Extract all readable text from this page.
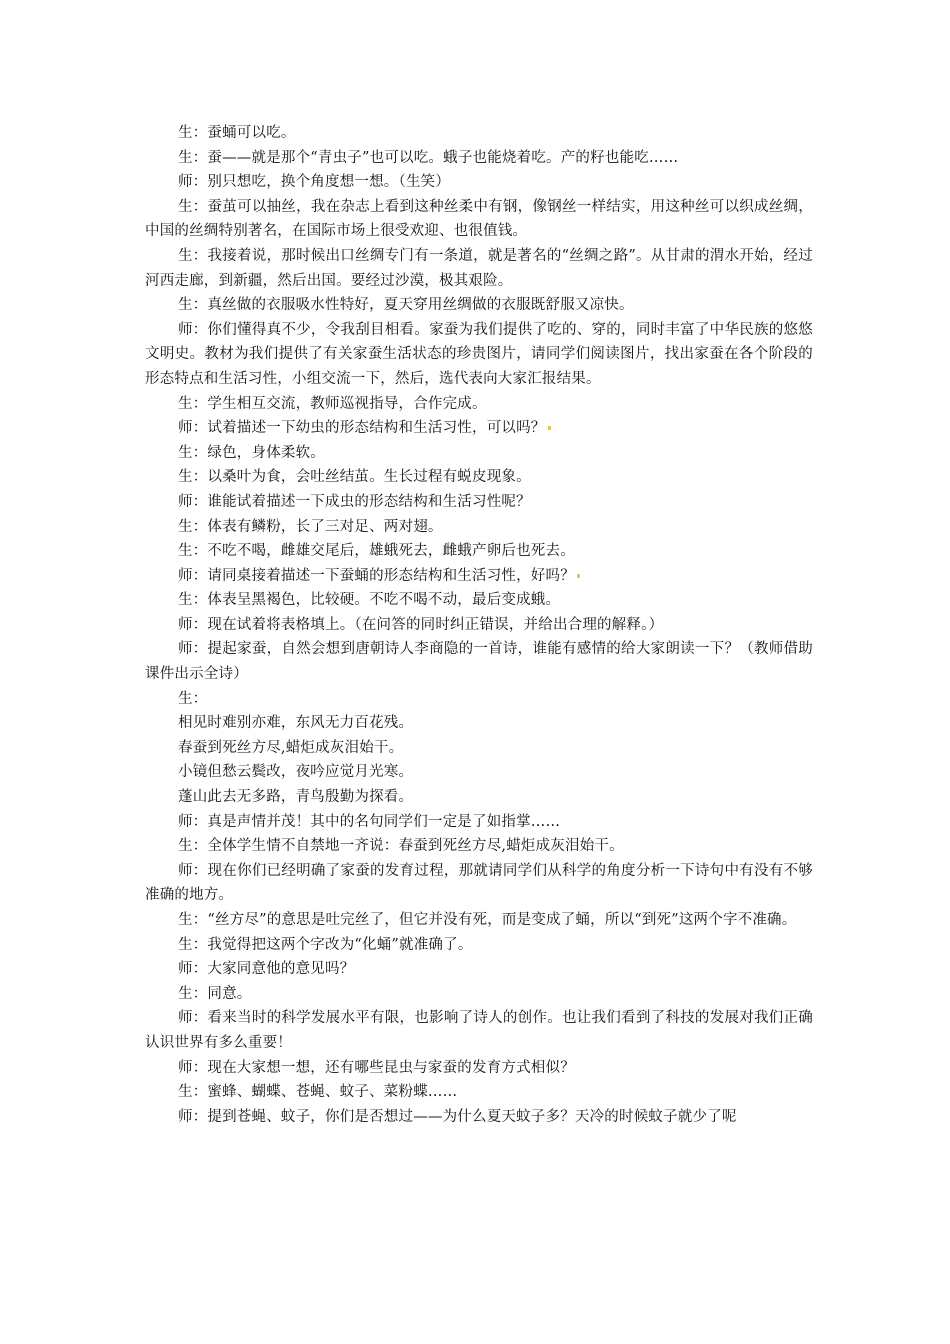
生：蚕蛹可以吃。

生：蚕——就是那个“青虫子”也可以吃。蛾子也能烧着吃。产的籽也能吃……

师：别只想吃，换个角度想一想。（生笑）

生：蚕茧可以抽丝，我在杂志上看到这种丝柔中有钢，像钢丝一样结实，用这种丝可以织成丝绸，中国的丝绸特别著名，在国际市场上很受欢迎、也很值钱。

生：我接着说，那时候出口丝绸专门有一条道，就是著名的“丝绸之路”。从甘肃的渭水开始，经过河西走廊，到新疆，然后出国。要经过沙漠，极其艰险。

生：真丝做的衣服吸水性特好，夏天穿用丝绸做的衣服既舒服又凉快。

师：你们懂得真不少，令我刮目相看。家蚕为我们提供了吃的、穿的，同时丰富了中华民族的悠悠文明史。教材为我们提供了有关家蚕生活状态的珍贵图片，请同学们阅读图片，找出家蚕在各个阶段的形态特点和生活习性，小组交流一下，然后，选代表向大家汇报结果。

生：学生相互交流，教师巡视指导，合作完成。

师：试着描述一下幼虫的形态结构和生活习性，可以吗？

生：绿色，身体柔软。

生：以桑叶为食，会吐丝结茧。生长过程有蜕皮现象。

师：谁能试着描述一下成虫的形态结构和生活习性呢？

生：体表有鳞粉，长了三对足、两对翅。

生：不吃不喝，雌雄交尾后，雄蛾死去，雌蛾产卵后也死去。

师：请同桌接着描述一下蚕蛹的形态结构和生活习性，好吗？

生：体表呈黑褐色，比较硬。不吃不喝不动，最后变成蛾。

师：现在试着将表格填上。（在问答的同时纠正错误，并给出合理的解释。）

师：提起家蚕，自然会想到唐朝诗人李商隐的一首诗，谁能有感情的给大家朗读一下？（教师借助课件出示全诗）

生：

相见时难别亦难，东风无力百花残。

春蚕到死丝方尽,蜡炬成灰泪始干。

小镜但愁云鬓改，夜吟应觉月光寒。

蓬山此去无多路，青鸟殷勤为探看。

师：真是声情并茂！其中的名句同学们一定是了如指掌……

生：全体学生情不自禁地一齐说：春蚕到死丝方尽,蜡炬成灰泪始干。

师：现在你们已经明确了家蚕的发育过程，那就请同学们从科学的角度分析一下诗句中有没有不够准确的地方。

生：“丝方尽”的意思是吐完丝了，但它并没有死，而是变成了蛹，所以“到死”这两个字不准确。

生：我觉得把这两个字改为“化蛹”就准确了。

师：大家同意他的意见吗？

生：同意。

师：看来当时的科学发展水平有限，也影响了诗人的创作。也让我们看到了科技的发展对我们正确认识世界有多么重要！

师：现在大家想一想，还有哪些昆虫与家蚕的发育方式相似？

生：蜜蜂、蝴蝶、苍蝇、蚊子、菜粉蝶……

师：提到苍蝇、蚊子，你们是否想过——为什么夏天蚊子多？天冷的时候蚊子就少了呢
